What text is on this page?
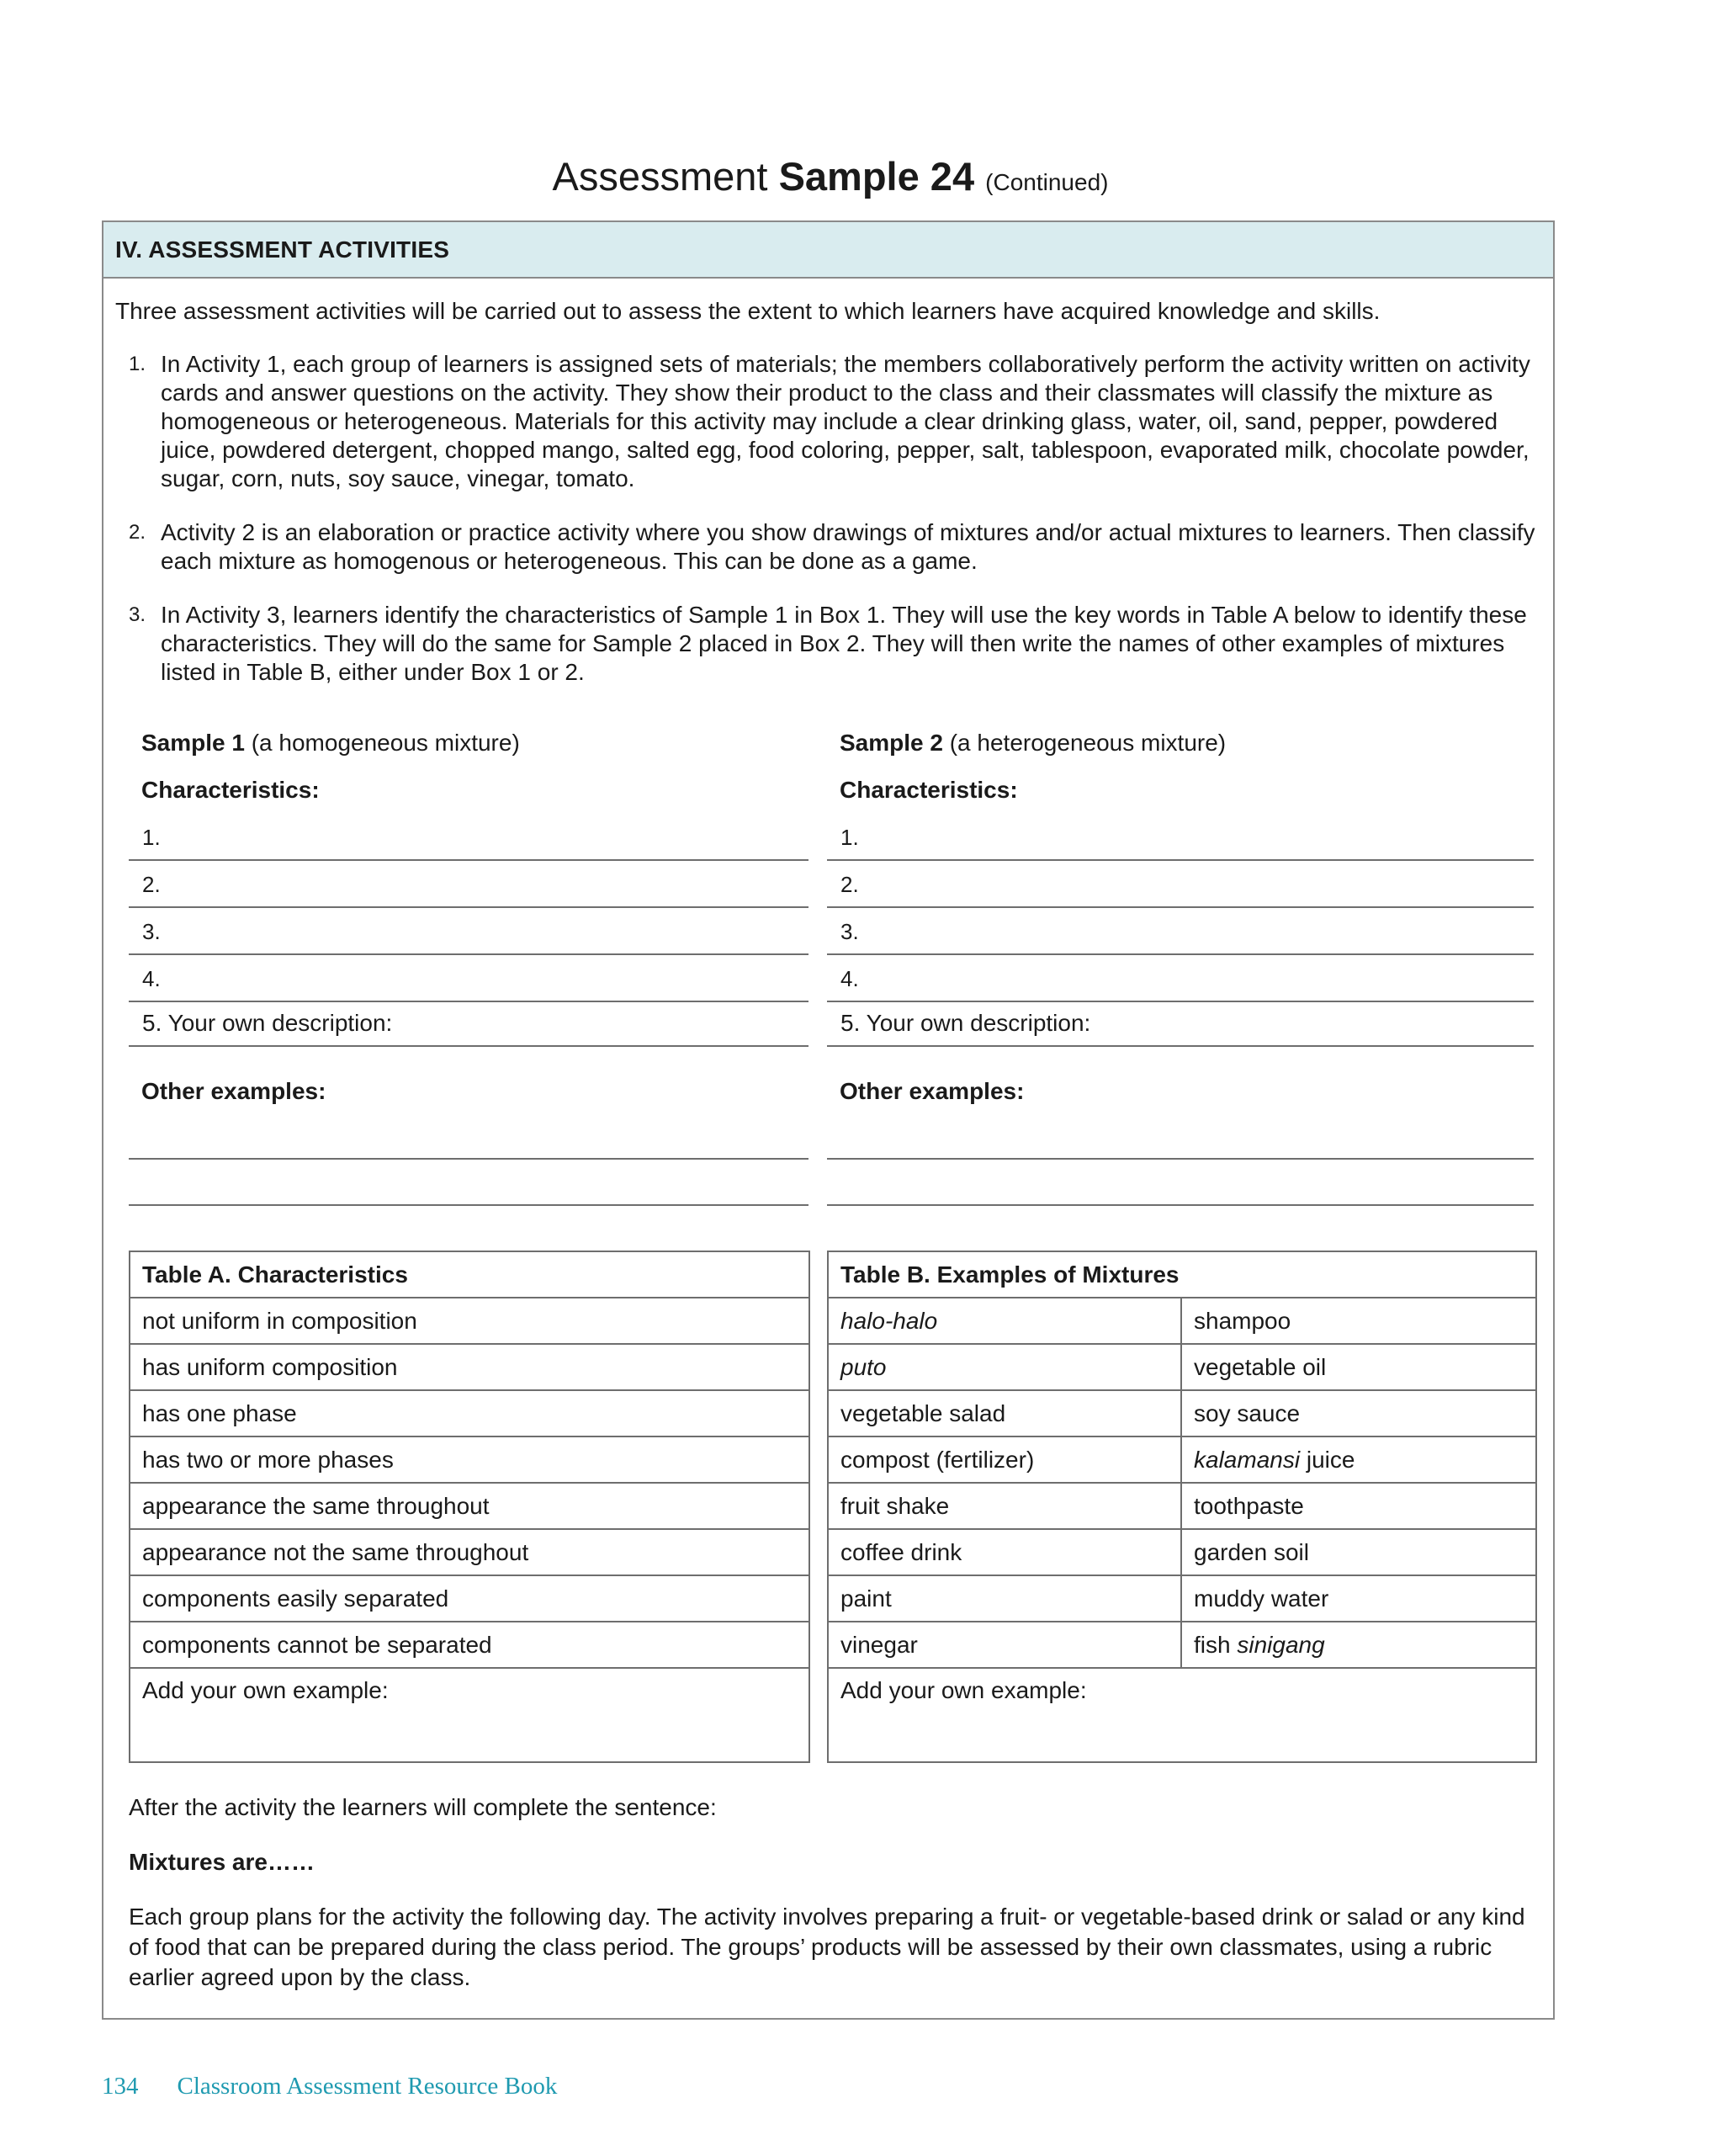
Assessment Sample 24 (Continued)
IV. ASSESSMENT ACTIVITIES
Three assessment activities will be carried out to assess the extent to which learners have acquired knowledge and skills.
1. In Activity 1, each group of learners is assigned sets of materials; the members collaboratively perform the activity written on activity cards and answer questions on the activity. They show their product to the class and their classmates will classify the mixture as homogeneous or heterogeneous. Materials for this activity may include a clear drinking glass, water, oil, sand, pepper, powdered juice, powdered detergent, chopped mango, salted egg, food coloring, pepper, salt, tablespoon, evaporated milk, chocolate powder, sugar, corn, nuts, soy sauce, vinegar, tomato.
2. Activity 2 is an elaboration or practice activity where you show drawings of mixtures and/or actual mixtures to learners. Then classify each mixture as homogenous or heterogeneous. This can be done as a game.
3. In Activity 3, learners identify the characteristics of Sample 1 in Box 1. They will use the key words in Table A below to identify these characteristics. They will do the same for Sample 2 placed in Box 2. They will then write the names of other examples of mixtures listed in Table B, either under Box 1 or 2.
Sample 1 (a homogeneous mixture)
Characteristics:
1.
2.
3.
4.
5. Your own description:
Other examples:
Sample 2 (a heterogeneous mixture)
Characteristics:
1.
2.
3.
4.
5. Your own description:
Other examples:
Table A. Characteristics
not uniform in composition
has uniform composition
has one phase
has two or more phases
appearance the same throughout
appearance not the same throughout
components easily separated
components cannot be separated
Add your own example:
Table B. Examples of Mixtures	
halo-halo	shampoo
puto	vegetable oil
vegetable salad	soy sauce
compost (fertilizer)	kalamansi juice
fruit shake	toothpaste
coffee drink	garden soil
paint	muddy water
vinegar	fish sinigang
Add your own example:	
After the activity the learners will complete the sentence:
Mixtures are……
Each group plans for the activity the following day. The activity involves preparing a fruit- or vegetable-based drink or salad or any kind of food that can be prepared during the class period. The groups’ products will be assessed by their own classmates, using a rubric earlier agreed upon by the class.
134 Classroom Assessment Resource Book
